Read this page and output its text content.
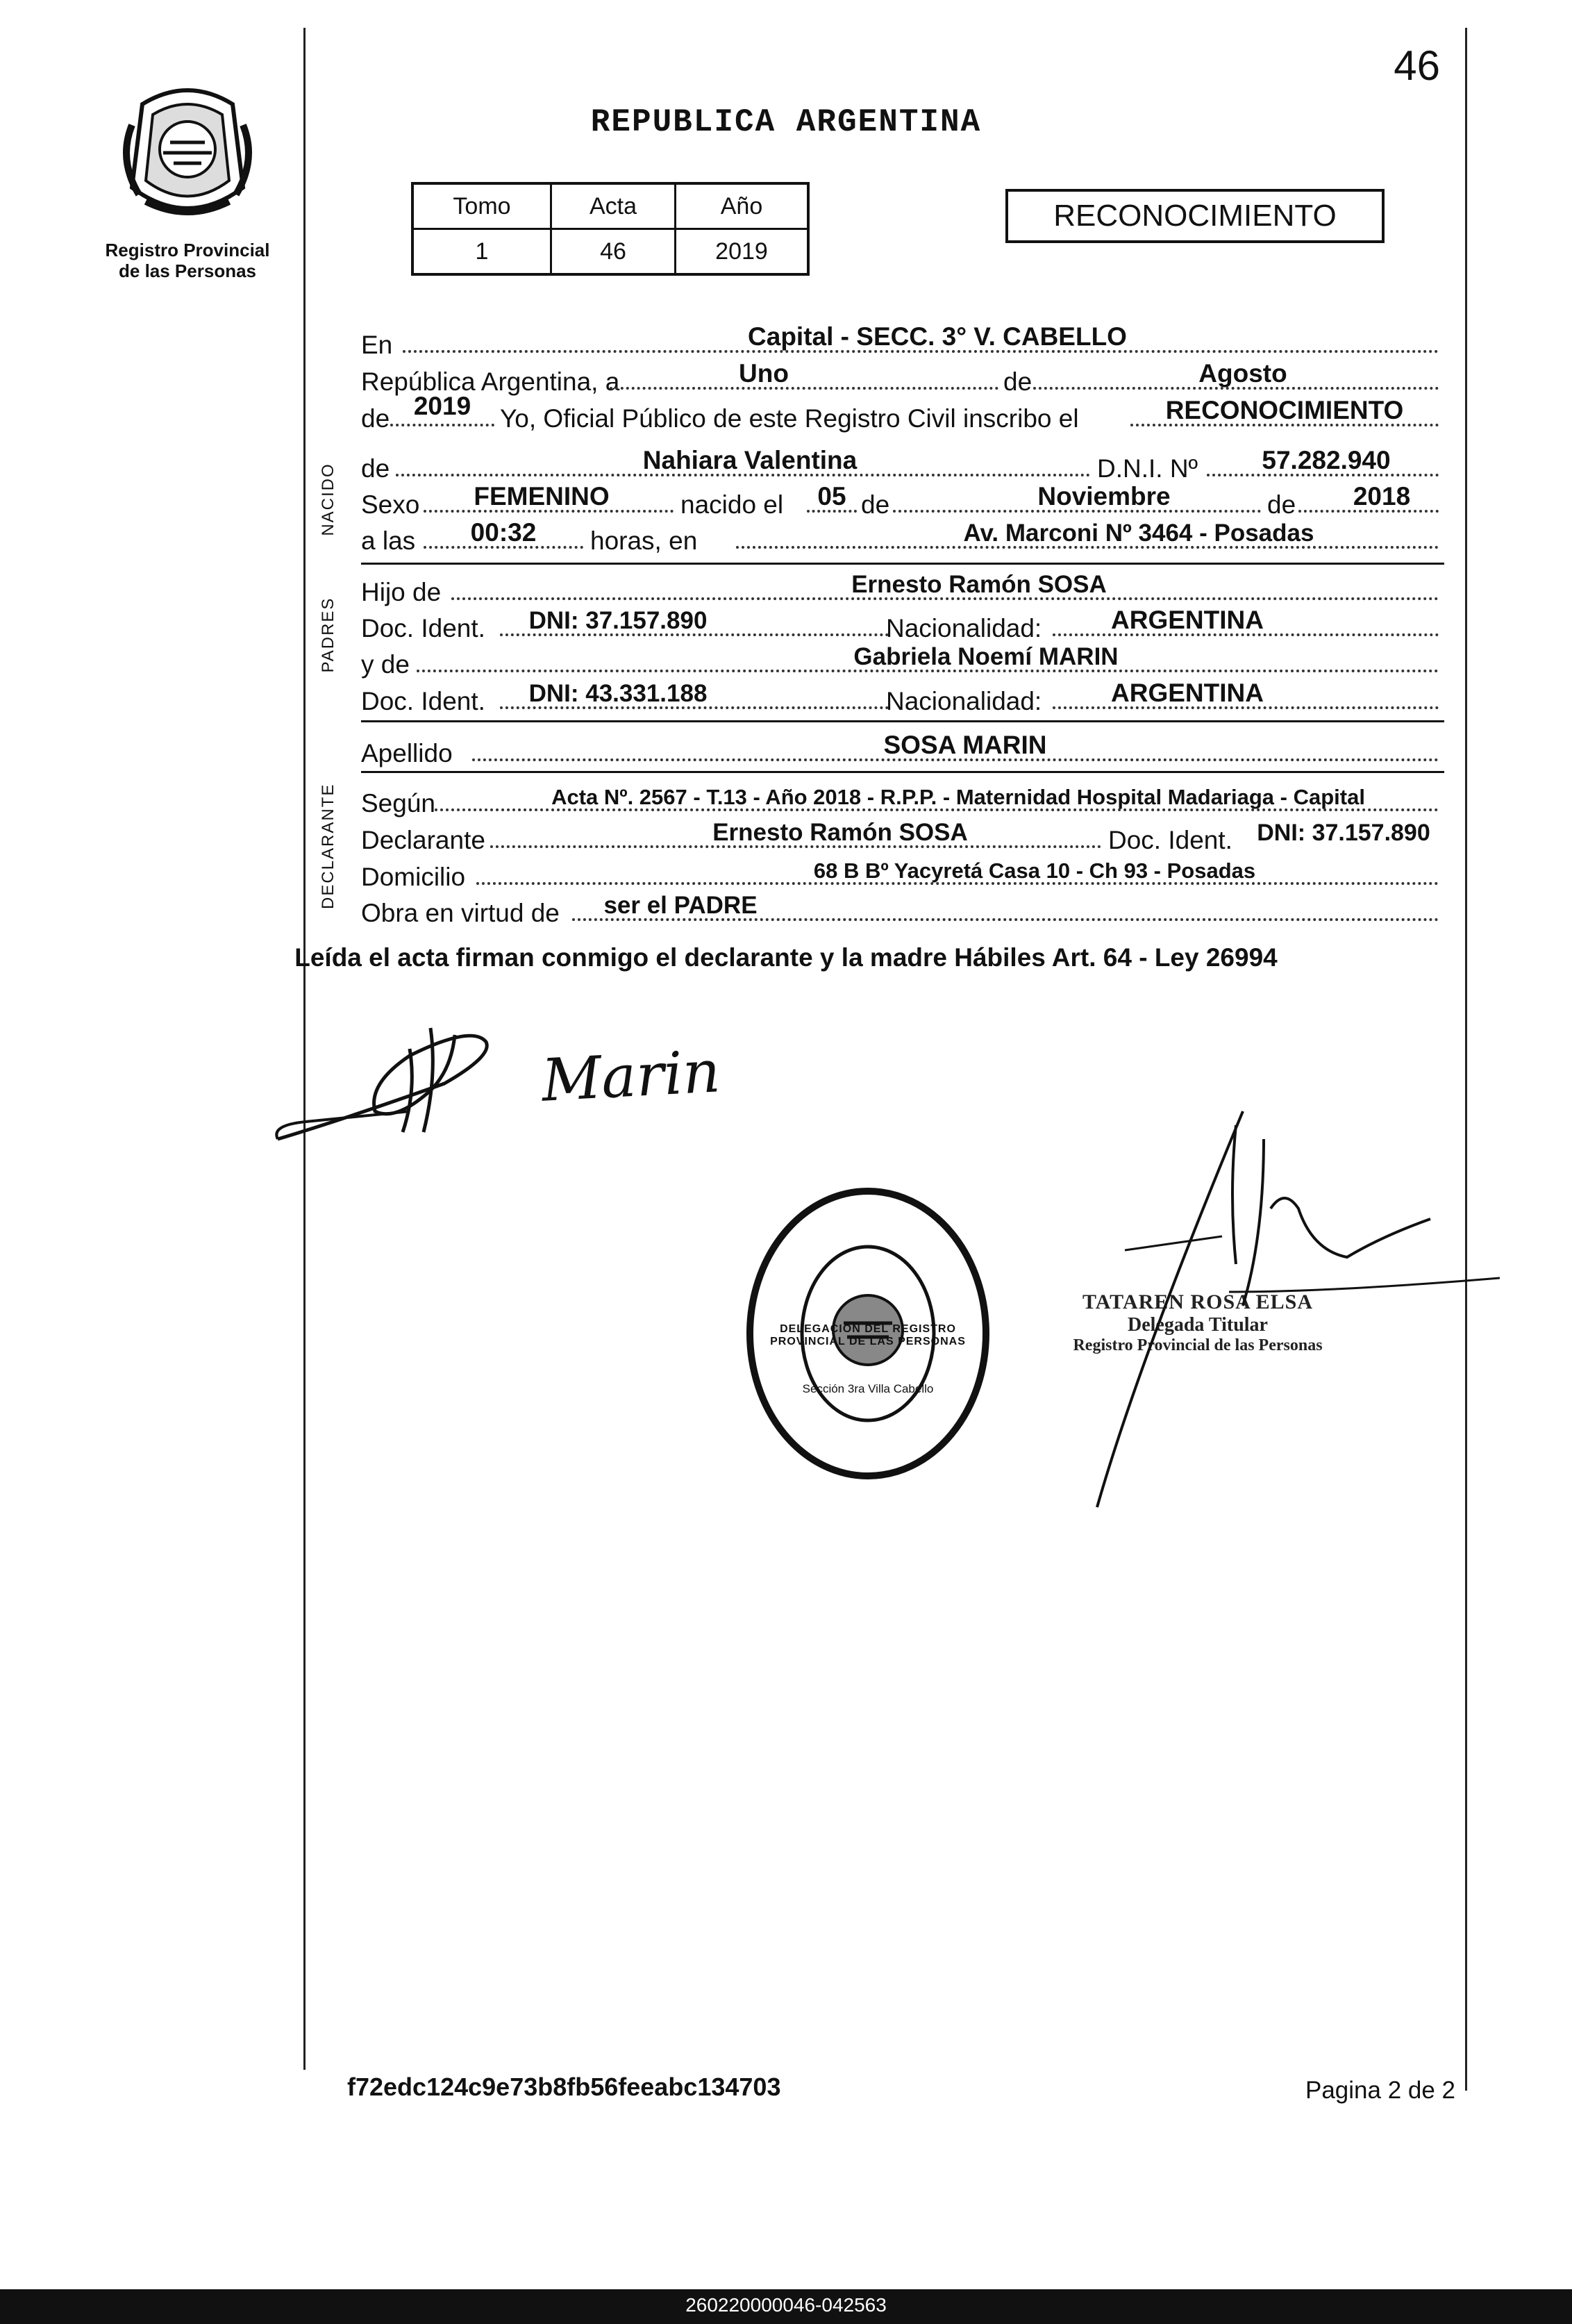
Registro Provincial
de las Personas
46
REPUBLICA ARGENTINA
Tomo	Acta	Año
1	46	2019
RECONOCIMIENTO
NACIDO
PADRES
DECLARANTE
En	Capital - SECC. 3° V. CABELLO
República Argentina, a	Uno	de	Agosto
de 2019	Yo, Oficial Público de este Registro Civil inscribo el	RECONOCIMIENTO
de	Nahiara Valentina	D.N.I. Nº	57.282.940
Sexo	FEMENINO	nacido el	05 de	Noviembre	de	2018
a las	00:32	horas, en	Av. Marconi Nº 3464 - Posadas
Hijo de	Ernesto Ramón SOSA
Doc. Ident.	DNI: 37.157.890	Nacionalidad:	ARGENTINA
y de	Gabriela Noemí MARIN
Doc. Ident.	DNI: 43.331.188	Nacionalidad:	ARGENTINA
Apellido	SOSA MARIN
Según	Acta Nº. 2567 - T.13 - Año 2018 - R.P.P. - Maternidad Hospital Madariaga - Capital
Declarante	Ernesto Ramón SOSA	Doc. Ident.	DNI: 37.157.890
Domicilio	68 B Bº Yacyretá Casa 10 - Ch 93 - Posadas
Obra en virtud de	ser el PADRE
Leída el acta firman conmigo el declarante y la madre Hábiles Art. 64 - Ley 26994
Marin
DELEGACION DEL REGISTRO PROVINCIAL DE LAS PERSONAS
Sección 3ra Villa Cabello
TATAREN ROSA ELSA
Delegada Titular
Registro Provincial de las Personas
f72edc124c9e73b8fb56feeabc134703	Pagina 2 de 2
260220000046-042563
